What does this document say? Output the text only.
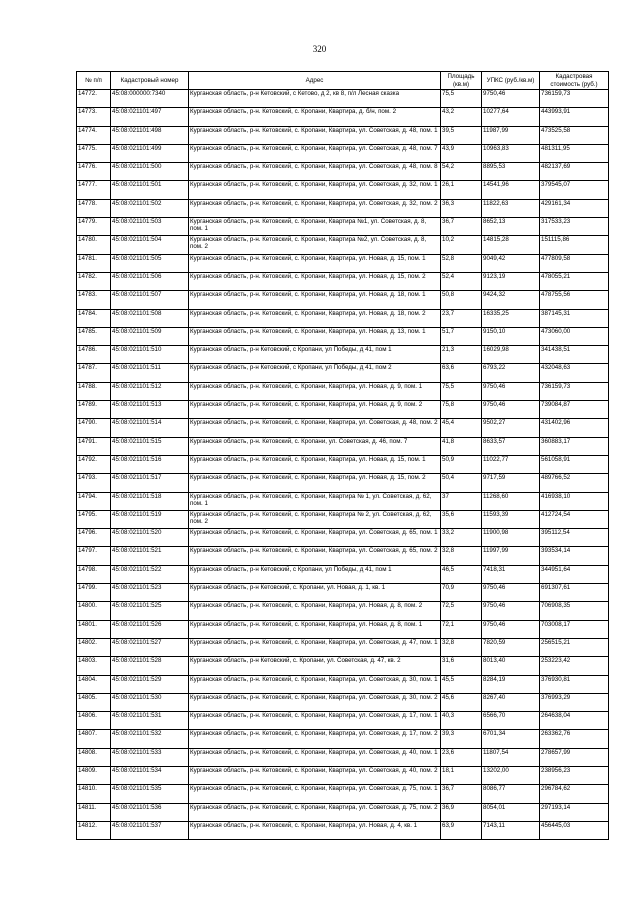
320
№ п/п	Кадастровый номер	Адрес	Площадь (кв.м)	УПКС (руб./кв.м)	Кадастровая стоимость (руб.)
14772.	45:08:000000:7340	Курганская область, р-н Кетовский, с Кетово, д 2, кв 8, п/л Лесная сказка	75,5	9750,46	736159,73
14773.	45:08:021101:497	Курганская область, р-н. Кетовский, с. Кропани, Квартира, д. б/н, пом. 2	43,2	10277,64	443993,91
14774.	45:08:021101:498	Курганская область, р-н. Кетовский, с. Кропани, Квартира, ул. Советская, д. 48, пом. 1	39,5	11987,99	473525,58
14775.	45:08:021101:499	Курганская область, р-н. Кетовский, с. Кропани, Квартира, ул. Советская, д. 48, пом. 7	43,9	10963,83	481311,95
14776.	45:08:021101:500	Курганская область, р-н. Кетовский, с. Кропани, Квартира, ул. Советская, д. 48, пом. 8	54,2	8895,53	482137,69
14777.	45:08:021101:501	Курганская область, р-н. Кетовский, с. Кропани, Квартира, ул. Советская, д. 32, пом. 1	26,1	14541,96	379545,07
14778.	45:08:021101:502	Курганская область, р-н. Кетовский, с. Кропани, Квартира, ул. Советская, д. 32, пом. 2	36,3	11822,63	429161,34
14779.	45:08:021101:503	Курганская область, р-н. Кетовский, с. Кропани, Квартира №1, ул. Советская, д. 8, пом. 1	36,7	8652,13	317533,23
14780.	45:08:021101:504	Курганская область, р-н. Кетовский, с. Кропани, Квартира №2, ул. Советская, д. 8, пом. 2	10,2	14815,28	151115,86
14781.	45:08:021101:505	Курганская область, р-н. Кетовский, с. Кропани, Квартира, ул. Новая, д. 15, пом. 1	52,8	9049,42	477809,58
14782.	45:08:021101:506	Курганская область, р-н. Кетовский, с. Кропани, Квартира, ул. Новая, д. 15, пом. 2	52,4	9123,19	478055,21
14783.	45:08:021101:507	Курганская область, р-н. Кетовский, с. Кропани, Квартира, ул. Новая, д. 18, пом. 1	50,8	9424,32	478755,56
14784.	45:08:021101:508	Курганская область, р-н. Кетовский, с. Кропани, Квартира, ул. Новая, д. 18, пом. 2	23,7	16335,25	387145,31
14785.	45:08:021101:509	Курганская область, р-н. Кетовский, с. Кропани, Квартира, ул. Новая, д. 13, пом. 1	51,7	9150,10	473060,00
14786.	45:08:021101:510	Курганская область, р-н Кетовский, с Кропани, ул Победы, д 41, пом 1	21,3	16029,98	341438,51
14787.	45:08:021101:511	Курганская область, р-н Кетовский, с Кропани, ул Победы, д 41, пом 2	63,6	6793,22	432048,63
14788.	45:08:021101:512	Курганская область, р-н. Кетовский, с. Кропани, Квартира, ул. Новая, д. 9, пом. 1	75,5	9750,46	736159,73
14789.	45:08:021101:513	Курганская область, р-н. Кетовский, с. Кропани, Квартира, ул. Новая, д. 9, пом. 2	75,8	9750,46	739084,87
14790.	45:08:021101:514	Курганская область, р-н. Кетовский, с. Кропани, Квартира, ул. Советская, д. 48, пом. 2	45,4	9502,27	431402,96
14791.	45:08:021101:515	Курганская область, р-н. Кетовский, с. Кропани, ул. Советская, д. 46, пом. 7	41,8	8633,57	360883,17
14792.	45:08:021101:516	Курганская область, р-н. Кетовский, с. Кропани, Квартира, ул. Новая, д. 15, пом. 1	50,9	11022,77	561058,91
14793.	45:08:021101:517	Курганская область, р-н. Кетовский, с. Кропани, Квартира, ул. Новая, д. 15, пом. 2	50,4	9717,59	489766,52
14794.	45:08:021101:518	Курганская область, р-н. Кетовский, с. Кропани, Квартира № 1, ул. Советская, д. 62, пом. 1	37	11268,60	416938,10
14795.	45:08:021101:519	Курганская область, р-н. Кетовский, с. Кропани, Квартира № 2, ул. Советская, д. 62, пом. 2	35,6	11593,39	412724,54
14796.	45:08:021101:520	Курганская область, р-н. Кетовский, с. Кропани, Квартира, ул. Советская, д. 65, пом. 1	33,2	11900,98	395112,54
14797.	45:08:021101:521	Курганская область, р-н. Кетовский, с. Кропани, Квартира, ул. Советская, д. 65, пом. 2	32,8	11997,99	393534,14
14798.	45:08:021101:522	Курганская область, р-н Кетовский, с Кропани, ул Победы, д 41, пом 1	46,5	7418,31	344951,64
14799.	45:08:021101:523	Курганская область, р-н Кетовский, с. Кропани, ул. Новая, д. 1, кв. 1	70,9	9750,46	691307,61
14800.	45:08:021101:525	Курганская область, р-н. Кетовский, с. Кропани, Квартира, ул. Новая, д. 8, пом. 2	72,5	9750,46	706908,35
14801.	45:08:021101:526	Курганская область, р-н. Кетовский, с. Кропани, Квартира, ул. Новая, д. 8, пом. 1	72,1	9750,46	703008,17
14802.	45:08:021101:527	Курганская область, р-н. Кетовский, с. Кропани, Квартира, ул. Советская, д. 47, пом. 1	32,8	7820,59	256515,21
14803.	45:08:021101:528	Курганская область, р-н Кетовский, с. Кропани, ул. Советская, д. 47, кв. 2	31,6	8013,40	253223,42
14804.	45:08:021101:529	Курганская область, р-н. Кетовский, с. Кропани, Квартира, ул. Советская, д. 30, пом. 1	45,5	8284,19	376930,81
14805.	45:08:021101:530	Курганская область, р-н. Кетовский, с. Кропани, Квартира, ул. Советская, д. 30, пом. 2	45,6	8267,40	376993,29
14806.	45:08:021101:531	Курганская область, р-н. Кетовский, с. Кропани, Квартира, ул. Советская, д. 17, пом. 1	40,3	6566,70	264638,04
14807.	45:08:021101:532	Курганская область, р-н. Кетовский, с. Кропани, Квартира, ул. Советская, д. 17, пом. 2	39,3	6701,34	263362,76
14808.	45:08:021101:533	Курганская область, р-н. Кетовский, с. Кропани, Квартира, ул. Советская, д. 40, пом. 1	23,6	11807,54	278657,99
14809.	45:08:021101:534	Курганская область, р-н. Кетовский, с. Кропани, Квартира, ул. Советская, д. 40, пом. 2	18,1	13202,00	238956,23
14810.	45:08:021101:535	Курганская область, р-н. Кетовский, с. Кропани, Квартира, ул. Советская, д. 75, пом. 1	36,7	8086,77	296784,62
14811.	45:08:021101:536	Курганская область, р-н. Кетовский, с. Кропани, Квартира, ул. Советская, д. 75, пом. 2	36,9	8054,01	297193,14
14812.	45:08:021101:537	Курганская область, р-н. Кетовский, с. Кропани, Квартира, ул. Новая, д. 4, кв. 1	63,9	7143,11	456445,03
